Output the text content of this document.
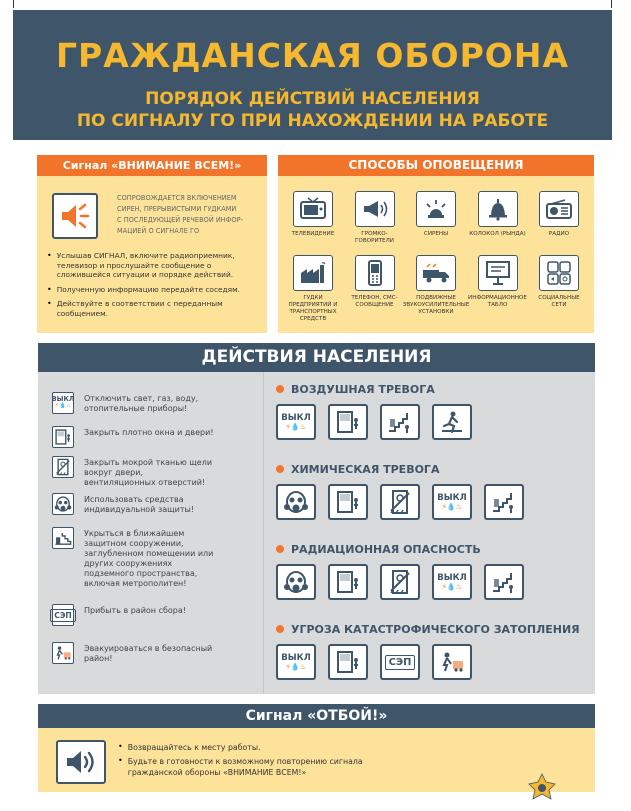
ГРАЖДАНСКАЯ ОБОРОНА
ПОРЯДОК ДЕЙСТВИЙ НАСЕЛЕНИЯ
ПО СИГНАЛУ ГО ПРИ НАХОЖДЕНИИ НА РАБОТЕ
Сигнал «ВНИМАНИЕ ВСЕМ!»
СОПРОВОЖДАЕТСЯ ВКЛЮЧЕНИЕМ
СИРЕН, ПРЕРЫВИСТЫМИ ГУДКАМИ
С ПОСЛЕДУЮЩЕЙ РЕЧЕВОЙ ИНФОР-
МАЦИЕЙ О СИГНАЛЕ ГО
• Услышав СИГНАЛ, включите радиоприемник, телевизор и прослушайте сообщение о сложившейся ситуации и порядке действий.
• Полученную информацию передайте соседям.
• Действуйте в соответствии с переданным сообщением.
СПОСОБЫ ОПОВЕЩЕНИЯ
ТЕЛЕВИДЕНИЕ	ГРОМКО-ГОВОРИТЕЛИ
СИРЕНЫ	КОЛОКОЛ (РЫНДА)	РАДИО
ГУДКИ ПРЕДПРИЯТИЙ И ТРАНСПОРТНЫХ СРЕДСТВ
ТЕЛЕФОН, СМС-СООБЩЕНИЕ
ПОДВИЖНЫЕ ЗВУКОУСИЛИТЕЛЬНЫЕ УСТАНОВКИ
ИНФОРМАЦИОННОЕ ТАБЛО
СОЦИАЛЬНЫЕ СЕТИ
ДЕЙСТВИЯ НАСЕЛЕНИЯ
ВЫКЛ
⚡💧♨
Отключить свет, газ, воду, отопительные приборы!
Закрыть плотно окна и двери!
Закрыть мокрой тканью щели вокруг двери, вентиляционных отверстий!
Использовать средства индивидуальной защиты!
Укрыться в ближайшем защитном сооружении, заглубленном помещении или других сооружениях подземного пространства, включая метрополитен!
СЭП	Прибыть в район сбора!
Эвакуироваться в безопасный район!
ВОЗДУШНАЯ ТРЕВОГА
ВЫКЛ
⚡💧♨
ХИМИЧЕСКАЯ ТРЕВОГА
ВЫКЛ
⚡💧♨
РАДИАЦИОННАЯ ОПАСНОСТЬ
ВЫКЛ
⚡💧♨
УГРОЗА КАТАСТРОФИЧЕСКОГО ЗАТОПЛЕНИЯ
ВЫКЛ
⚡💧♨	СЭП
Сигнал «ОТБОЙ!»
• Возвращайтесь к месту работы.
• Будьте в готовности к возможному повторению сигнала гражданской обороны «ВНИМАНИЕ ВСЕМ!»
